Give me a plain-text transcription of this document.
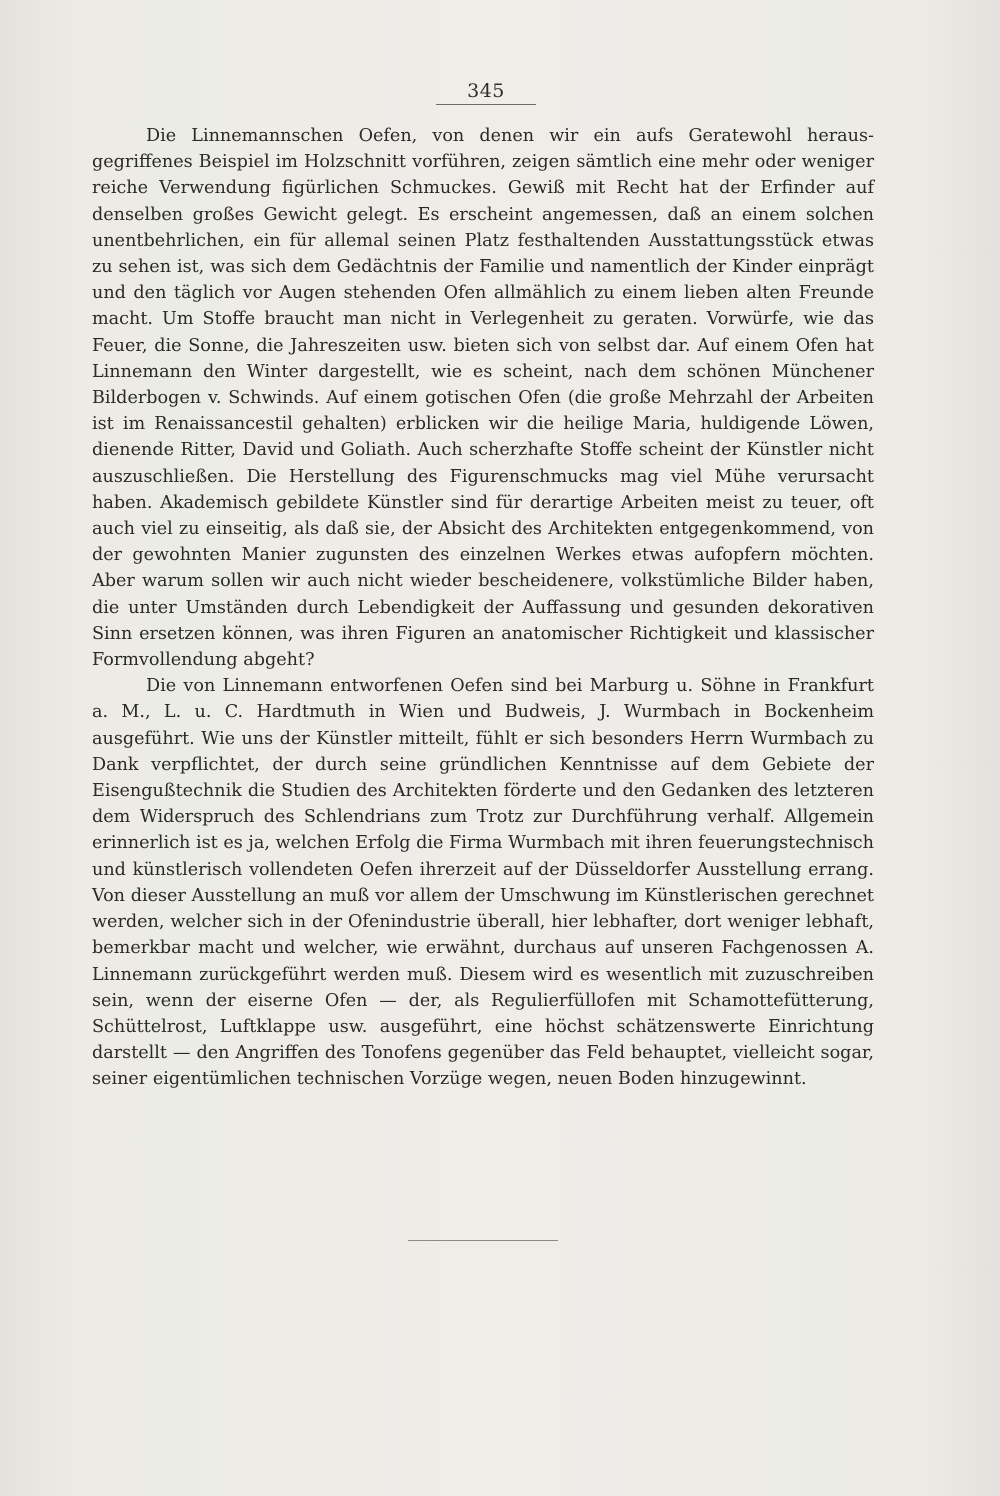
345

Die Linnemannschen Oefen, von denen wir ein aufs Geratewohl herausgegriffenes Beispiel im Holzschnitt vorführen, zeigen sämtlich eine mehr oder weniger reiche Verwendung figürlichen Schmuckes. Gewiß mit Recht hat der Erfinder auf denselben großes Gewicht gelegt. Es erscheint angemessen, daß an einem solchen unentbehrlichen, ein für allemal seinen Platz festhaltenden Ausstattungsstück etwas zu sehen ist, was sich dem Gedächtnis der Familie und namentlich der Kinder einprägt und den täglich vor Augen stehenden Ofen allmählich zu einem lieben alten Freunde macht. Um Stoffe braucht man nicht in Verlegenheit zu geraten. Vorwürfe, wie das Feuer, die Sonne, die Jahreszeiten usw. bieten sich von selbst dar. Auf einem Ofen hat Linnemann den Winter dargestellt, wie es scheint, nach dem schönen Münchener Bilderbogen v. Schwinds. Auf einem gotischen Ofen (die große Mehrzahl der Arbeiten ist im Renaissancestil gehalten) erblicken wir die heilige Maria, huldigende Löwen, dienende Ritter, David und Goliath. Auch scherzhafte Stoffe scheint der Künstler nicht auszuschließen. Die Herstellung des Figurenschmucks mag viel Mühe verursacht haben. Akademisch gebildete Künstler sind für derartige Arbeiten meist zu teuer, oft auch viel zu einseitig, als daß sie, der Absicht des Architekten entgegenkommend, von der gewohnten Manier zugunsten des einzelnen Werkes etwas aufopfern möchten. Aber warum sollen wir auch nicht wieder bescheidenere, volkstümliche Bilder haben, die unter Umständen durch Lebendigkeit der Auffassung und gesunden dekorativen Sinn ersetzen können, was ihren Figuren an anatomischer Richtigkeit und klassischer Formvollendung abgeht?

Die von Linnemann entworfenen Oefen sind bei Marburg u. Söhne in Frankfurt a. M., L. u. C. Hardtmuth in Wien und Budweis, J. Wurmbach in Bockenheim ausgeführt. Wie uns der Künstler mitteilt, fühlt er sich besonders Herrn Wurmbach zu Dank verpflichtet, der durch seine gründlichen Kenntnisse auf dem Gebiete der Eisengußtechnik die Studien des Architekten förderte und den Gedanken des letzteren dem Widerspruch des Schlendrians zum Trotz zur Durchführung verhalf. Allgemein erinnerlich ist es ja, welchen Erfolg die Firma Wurmbach mit ihren feuerungstechnisch und künstlerisch vollendeten Oefen ihrerzeit auf der Düsseldorfer Ausstellung errang. Von dieser Ausstellung an muß vor allem der Umschwung im Künstlerischen gerechnet werden, welcher sich in der Ofenindustrie überall, hier lebhafter, dort weniger lebhaft, bemerkbar macht und welcher, wie erwähnt, durchaus auf unseren Fachgenossen A. Linnemann zurückgeführt werden muß. Diesem wird es wesentlich mit zuzuschreiben sein, wenn der eiserne Ofen — der, als Regulierfüllofen mit Schamottefütterung, Schüttelrost, Luftklappe usw. ausgeführt, eine höchst schätzenswerte Einrichtung darstellt — den Angriffen des Tonofens gegenüber das Feld behauptet, vielleicht sogar, seiner eigentümlichen technischen Vorzüge wegen, neuen Boden hinzugewinnt.
